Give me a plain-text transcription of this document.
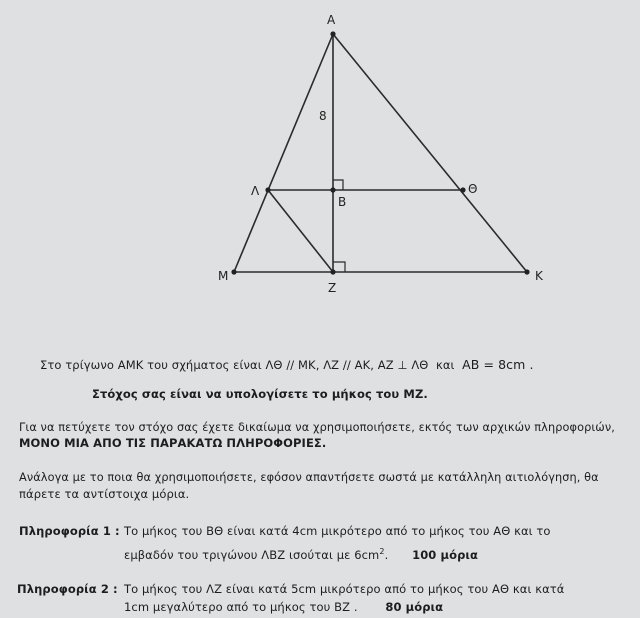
A
Λ	Θ
M	K
Z
B
8
Στο τρίγωνο ΑΜΚ του σχήματος είναι ΛΘ // ΜΚ, ΛΖ // ΑΚ, ΑΖ ⊥ ΛΘ και ΑΒ = 8cm .
Στόχος σας είναι να υπολογίσετε το μήκος του ΜΖ.
Για να πετύχετε τον στόχο σας έχετε δικαίωμα να χρησιμοποιήσετε, εκτός των αρχικών πληροφοριών,
ΜΟΝΟ ΜΙΑ ΑΠΟ ΤΙΣ ΠΑΡΑΚΑΤΩ ΠΛΗΡΟΦΟΡΙΕΣ.
Ανάλογα με το ποια θα χρησιμοποιήσετε, εφόσον απαντήσετε σωστά με κατάλληλη αιτιολόγηση, θα
πάρετε τα αντίστοιχα μόρια.
Πληροφορία 1 : Το μήκος του ΒΘ είναι κατά 4cm μικρότερο από το μήκος του ΑΘ και το
εμβαδόν του τριγώνου ΛΒΖ ισούται με $6cm^2$. 100 μόρια
Πληροφορία 2 : Το μήκος του ΛΖ είναι κατά 5cm μικρότερο από το μήκος του ΑΘ και κατά
1cm μεγαλύτερο από το μήκος του ΒΖ . 80 μόρια
